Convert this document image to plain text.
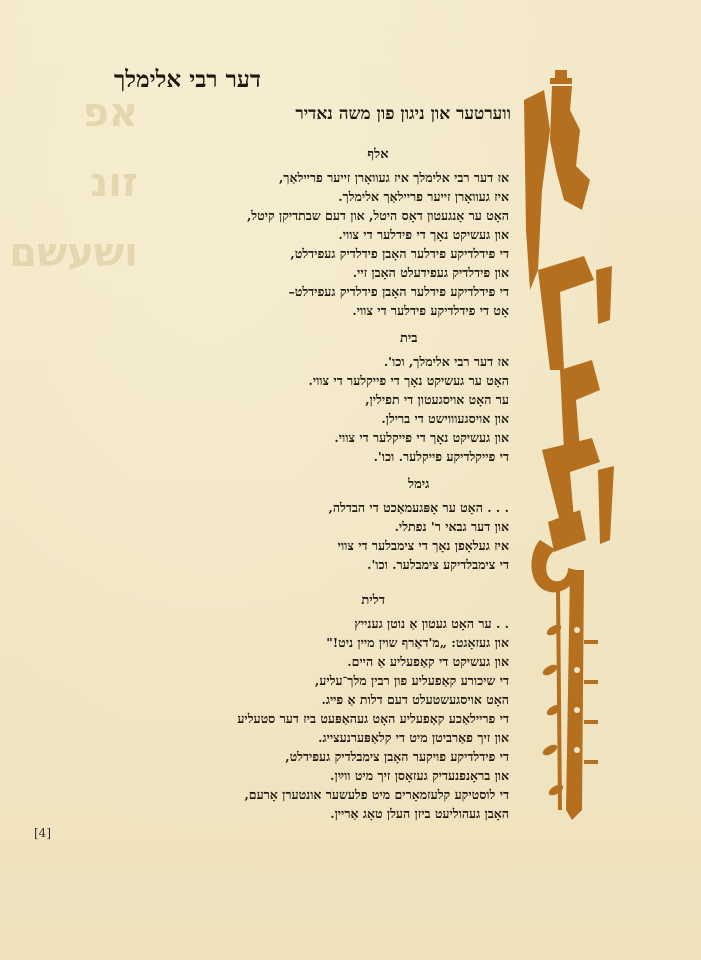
אפ
זונ
ושעשם
דער רבי אלימלך
ווערטער און ניגון פון משה נאדיר
אלף
אז דער רבי אלימלך איז געוואָרן זייער פריילאַך,
איז געוואָרן זייער פריילאַך אלימלך.
האָט ער אָנגעטון דאָס היטל, און דעם שבתדיקן קיטל,
און געשיקט נאָך די פידלער די צווי.
די פידלדיקע פידלער האָבן פידלדיק געפידלט,
און פידלדיק געפידעלט האָבן זיי.
די פידלדיקע פידלער האָבן פידלדיק געפידלט–
אָט די פידלדיקע פידלער די צווי.
בית
אז דער רבי אלימלך, וכו'.
האָט ער געשיקט נאָך די פייקלער די צווי.
ער האָט אויסגעטון די תפילין,
און אויסגעוווישט די ברילן.
און געשיקט נאָך די פייקלער די צווי.
די פייקלדיקע פייקלער. וכו'.
גימל
. . . האָט ער אָפּגעמאַכט די הבדלה,
און דער גבאי ר' נפתלי.
איז געלאָפן נאָך די צימבלער די צווי
די צימבלדיקע צימבלער. וכו'.
דלית
. . ער האָט געטון אַ נוטן גענייץ
און געזאָגט: „מ'דאַרף שוין מיין ניט!"
און געשיקט די קאַפעליע אַ היים.
די שיכורע קאַפעליע פון רבין מלך־עליע,
האָט אויסגעשטעלט דעם דלות אַ פײג.
די פריילאַכע קאַפעליע האָט געהאַפּעט ביז דער סטעליע
און זיך פאַרביטן מיט די קלאַפּערנעצייג.
די פידלדיקע פויקער האָבן צימבלדיק געפידלט,
און בראָנפנעדיק געזאָסן זיך מיט ווײַן.
די לוסטיקע קלעזמאָרים מיט פלעשער אונטערן אָרעם,
האָבן געהוליעט ביזן העלן טאָג אַריין.
[4]
